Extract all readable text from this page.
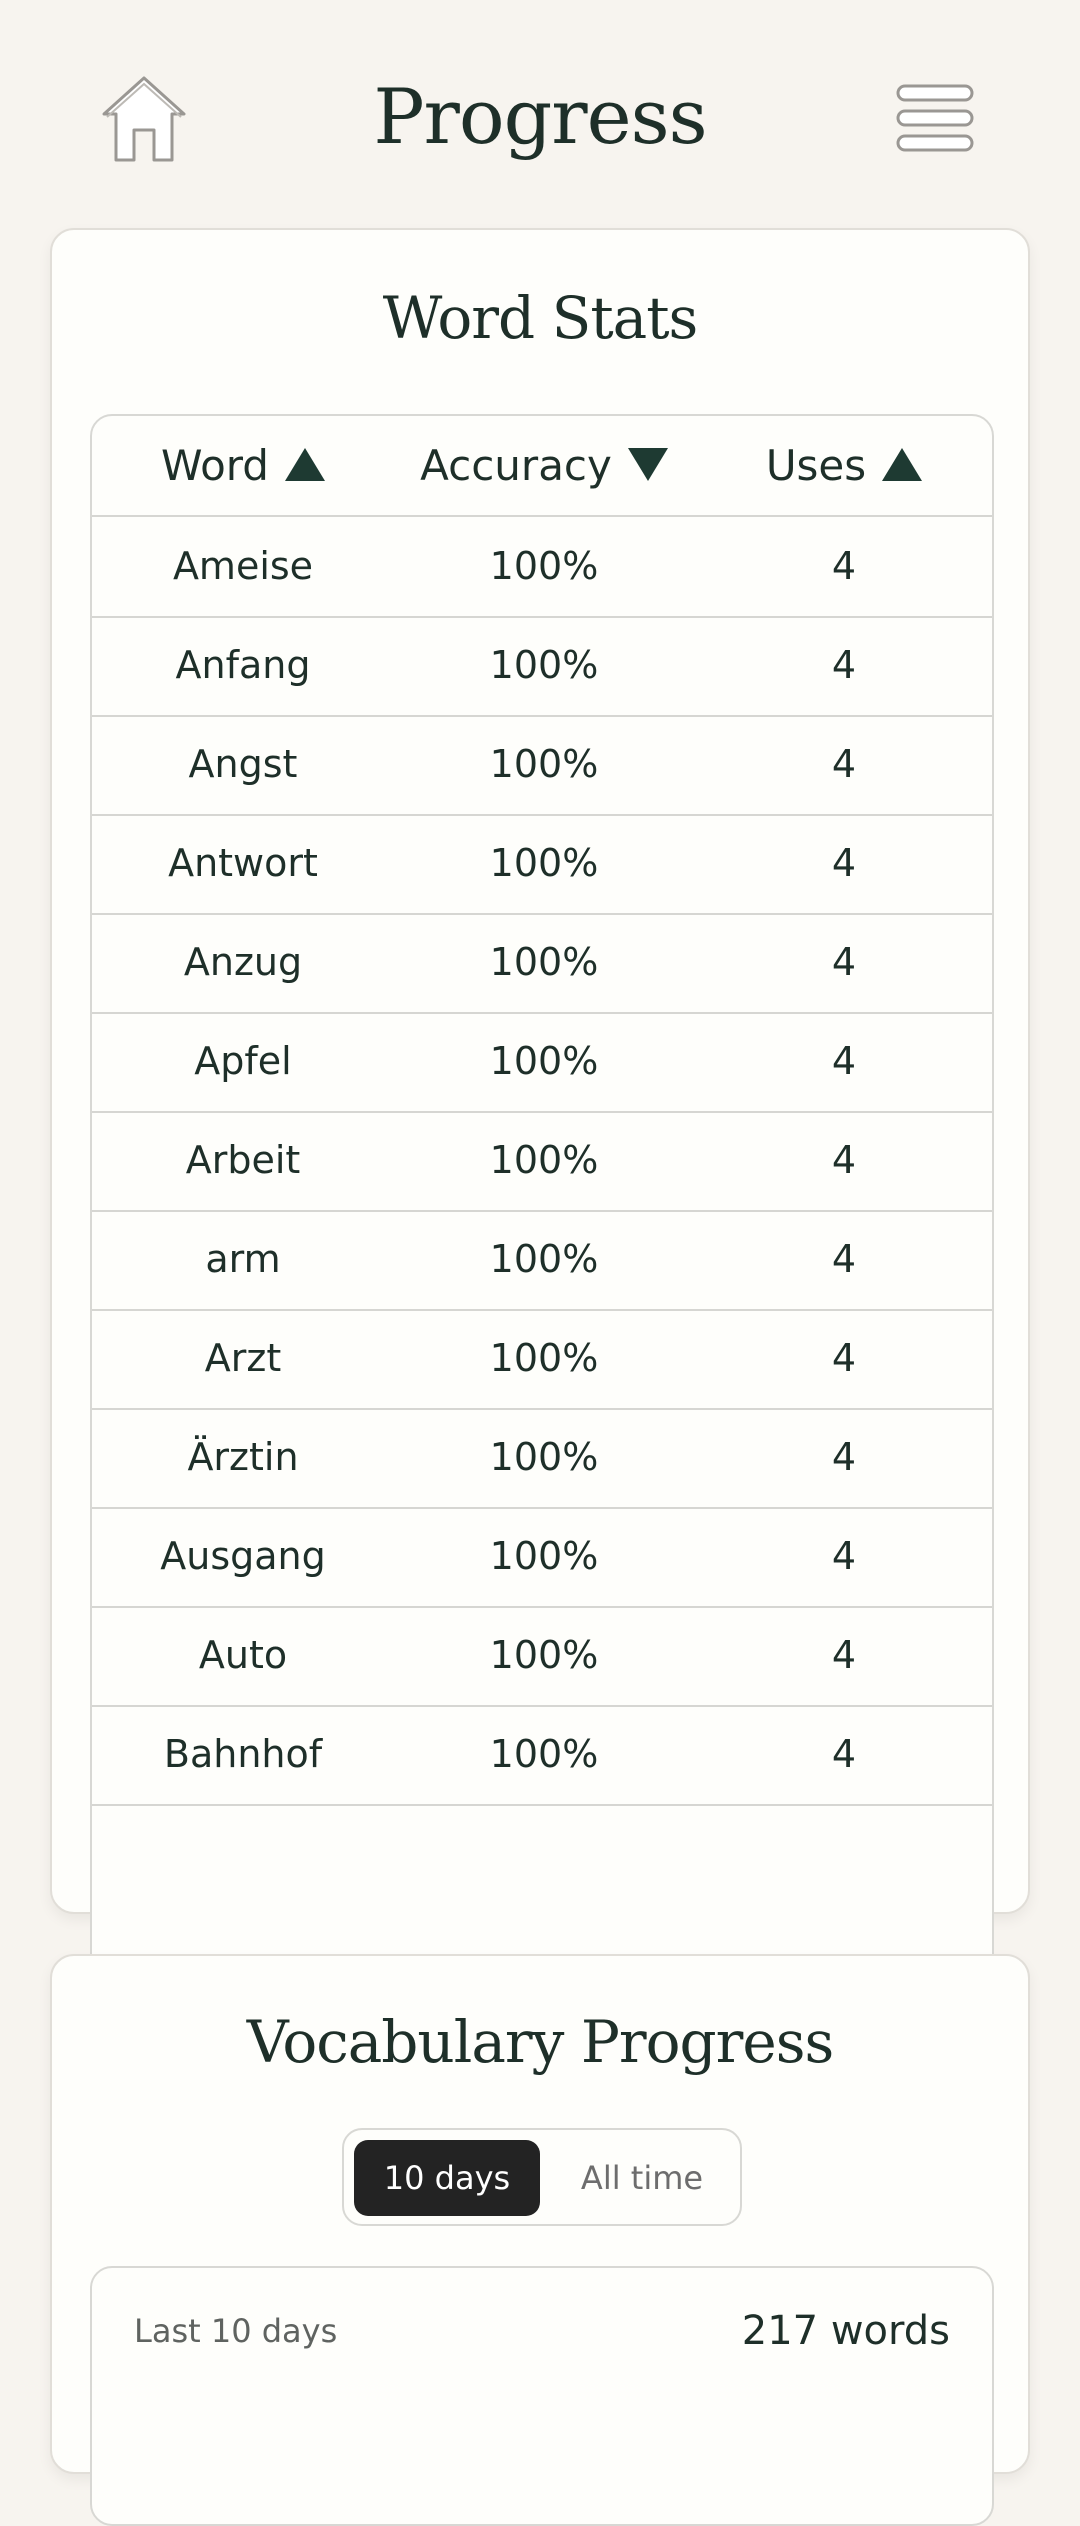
Progress
Word Stats
Word	Accuracy	Uses
Ameise	100%	4
Anfang	100%	4
Angst	100%	4
Antwort	100%	4
Anzug	100%	4
Apfel	100%	4
Arbeit	100%	4
arm	100%	4
Arzt	100%	4
Ärztin	100%	4
Ausgang	100%	4
Auto	100%	4
Bahnhof	100%	4
Vocabulary Progress
10 days	All time
Last 10 days	217 words
